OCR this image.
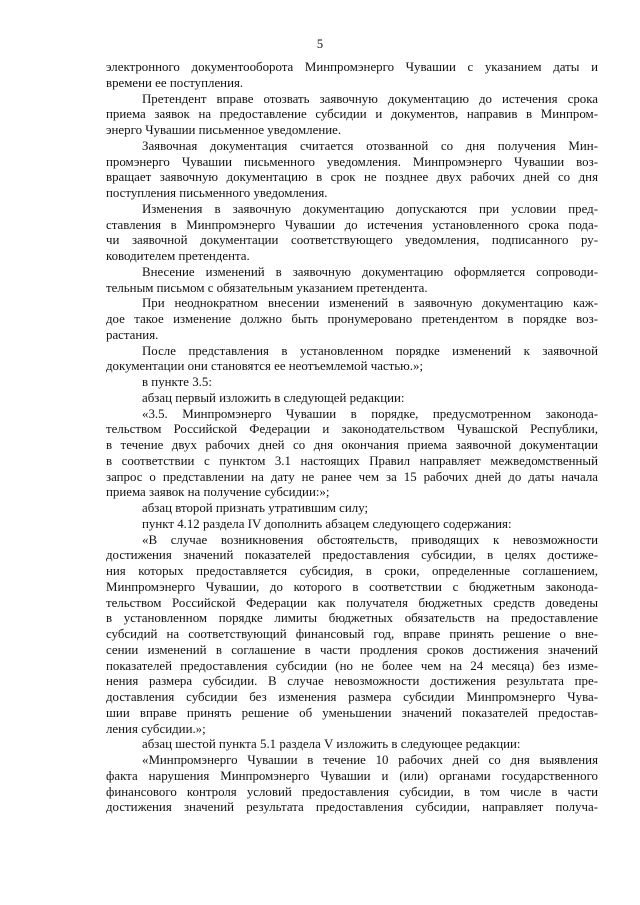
5
электронного документооборота Минпромэнерго Чувашии с указанием даты и
времени ее поступления.
Претендент вправе отозвать заявочную документацию до истечения срока
приема заявок на предоставление субсидии и документов, направив в Минпром-
энерго Чувашии письменное уведомление.
Заявочная документация считается отозванной со дня получения Мин-
промэнерго Чувашии письменного уведомления. Минпромэнерго Чувашии воз-
вращает заявочную документацию в срок не позднее двух рабочих дней со дня
поступления письменного уведомления.
Изменения в заявочную документацию допускаются при условии пред-
ставления в Минпромэнерго Чувашии до истечения установленного срока пода-
чи заявочной документации соответствующего уведомления, подписанного ру-
ководителем претендента.
Внесение изменений в заявочную документацию оформляется сопроводи-
тельным письмом с обязательным указанием претендента.
При неоднократном внесении изменений в заявочную документацию каж-
дое такое изменение должно быть пронумеровано претендентом в порядке воз-
растания.
После представления в установленном порядке изменений к заявочной
документации они становятся ее неотъемлемой частью.»;
в пункте 3.5:
абзац первый изложить в следующей редакции:
«3.5. Минпромэнерго Чувашии в порядке, предусмотренном законода-
тельством Российской Федерации и законодательством Чувашской Республики,
в течение двух рабочих дней со дня окончания приема заявочной документации
в соответствии с пунктом 3.1 настоящих Правил направляет межведомственный
запрос о представлении на дату не ранее чем за 15 рабочих дней до даты начала
приема заявок на получение субсидии:»;
абзац второй признать утратившим силу;
пункт 4.12 раздела IV дополнить абзацем следующего содержания:
«В случае возникновения обстоятельств, приводящих к невозможности
достижения значений показателей предоставления субсидии, в целях достиже-
ния которых предоставляется субсидия, в сроки, определенные соглашением,
Минпромэнерго Чувашии, до которого в соответствии с бюджетным законода-
тельством Российской Федерации как получателя бюджетных средств доведены
в установленном порядке лимиты бюджетных обязательств на предоставление
субсидий на соответствующий финансовый год, вправе принять решение о вне-
сении изменений в соглашение в части продления сроков достижения значений
показателей предоставления субсидии (но не более чем на 24 месяца) без изме-
нения размера субсидии. В случае невозможности достижения результата пре-
доставления субсидии без изменения размера субсидии Минпромэнерго Чува-
шии вправе принять решение об уменьшении значений показателей предостав-
ления субсидии.»;
абзац шестой пункта 5.1 раздела V изложить в следующее редакции:
«Минпромэнерго Чувашии в течение 10 рабочих дней со дня выявления
факта нарушения Минпромэнерго Чувашии и (или) органами государственного
финансового контроля условий предоставления субсидии, в том числе в части
достижения значений результата предоставления субсидии, направляет получа-
